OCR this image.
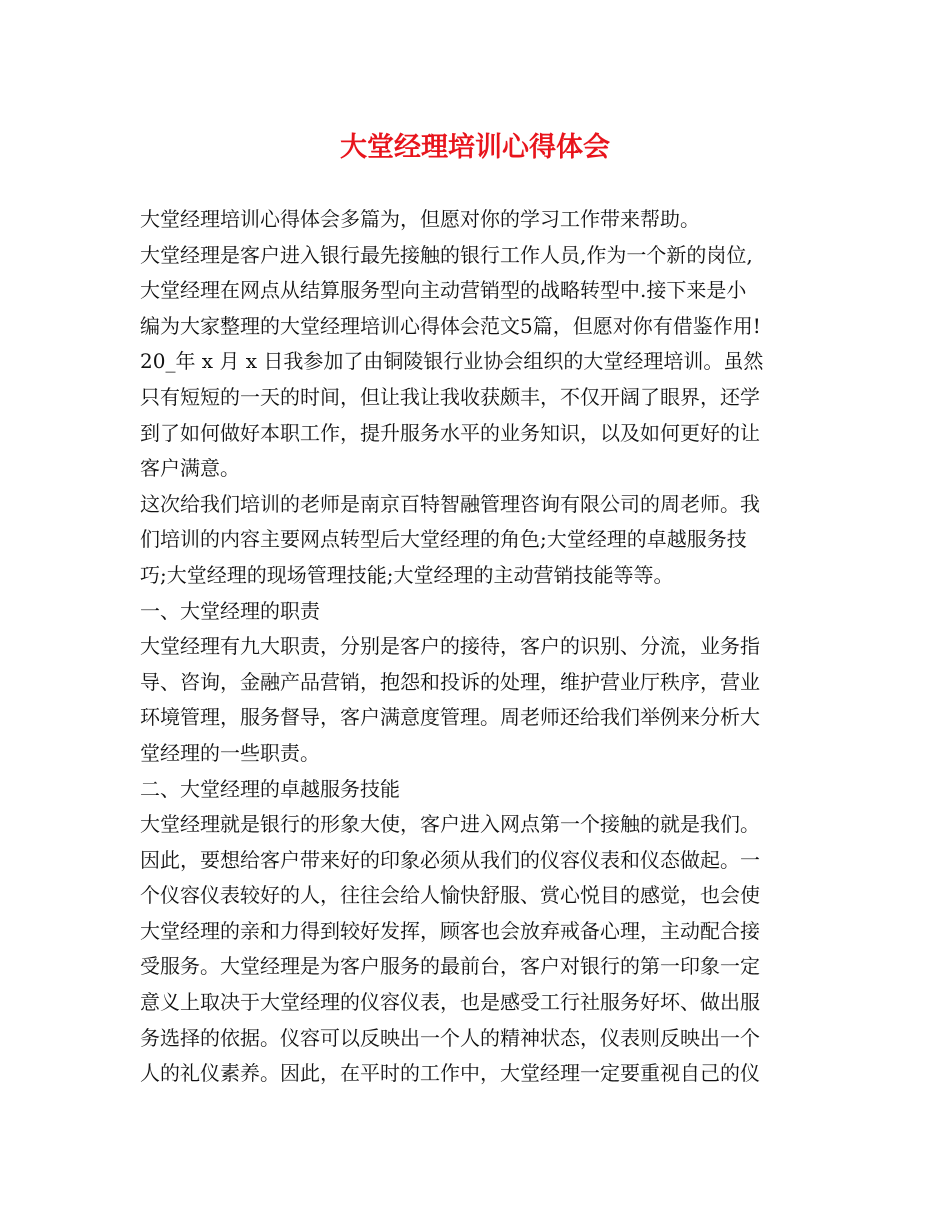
大堂经理培训心得体会
大堂经理培训心得体会多篇为，但愿对你的学习工作带来帮助。
大堂经理是客户进入银行最先接触的银行工作人员,作为一个新的岗位,
大堂经理在网点从结算服务型向主动营销型的战略转型中.接下来是小
编为大家整理的大堂经理培训心得体会范文5篇，但愿对你有借鉴作用!
20_年 x 月 x 日我参加了由铜陵银行业协会组织的大堂经理培训。虽然
只有短短的一天的时间，但让我让我收获颇丰，不仅开阔了眼界，还学
到了如何做好本职工作，提升服务水平的业务知识，以及如何更好的让
客户满意。
这次给我们培训的老师是南京百特智融管理咨询有限公司的周老师。我
们培训的内容主要网点转型后大堂经理的角色;大堂经理的卓越服务技
巧;大堂经理的现场管理技能;大堂经理的主动营销技能等等。
一、大堂经理的职责
大堂经理有九大职责，分别是客户的接待，客户的识别、分流，业务指
导、咨询，金融产品营销，抱怨和投诉的处理，维护营业厅秩序，营业
环境管理，服务督导，客户满意度管理。周老师还给我们举例来分析大
堂经理的一些职责。
二、大堂经理的卓越服务技能
大堂经理就是银行的形象大使，客户进入网点第一个接触的就是我们。
因此，要想给客户带来好的印象必须从我们的仪容仪表和仪态做起。一
个仪容仪表较好的人，往往会给人愉快舒服、赏心悦目的感觉，也会使
大堂经理的亲和力得到较好发挥，顾客也会放弃戒备心理，主动配合接
受服务。大堂经理是为客户服务的最前台，客户对银行的第一印象一定
意义上取决于大堂经理的仪容仪表，也是感受工行社服务好坏、做出服
务选择的依据。仪容可以反映出一个人的精神状态，仪表则反映出一个
人的礼仪素养。因此，在平时的工作中，大堂经理一定要重视自己的仪
